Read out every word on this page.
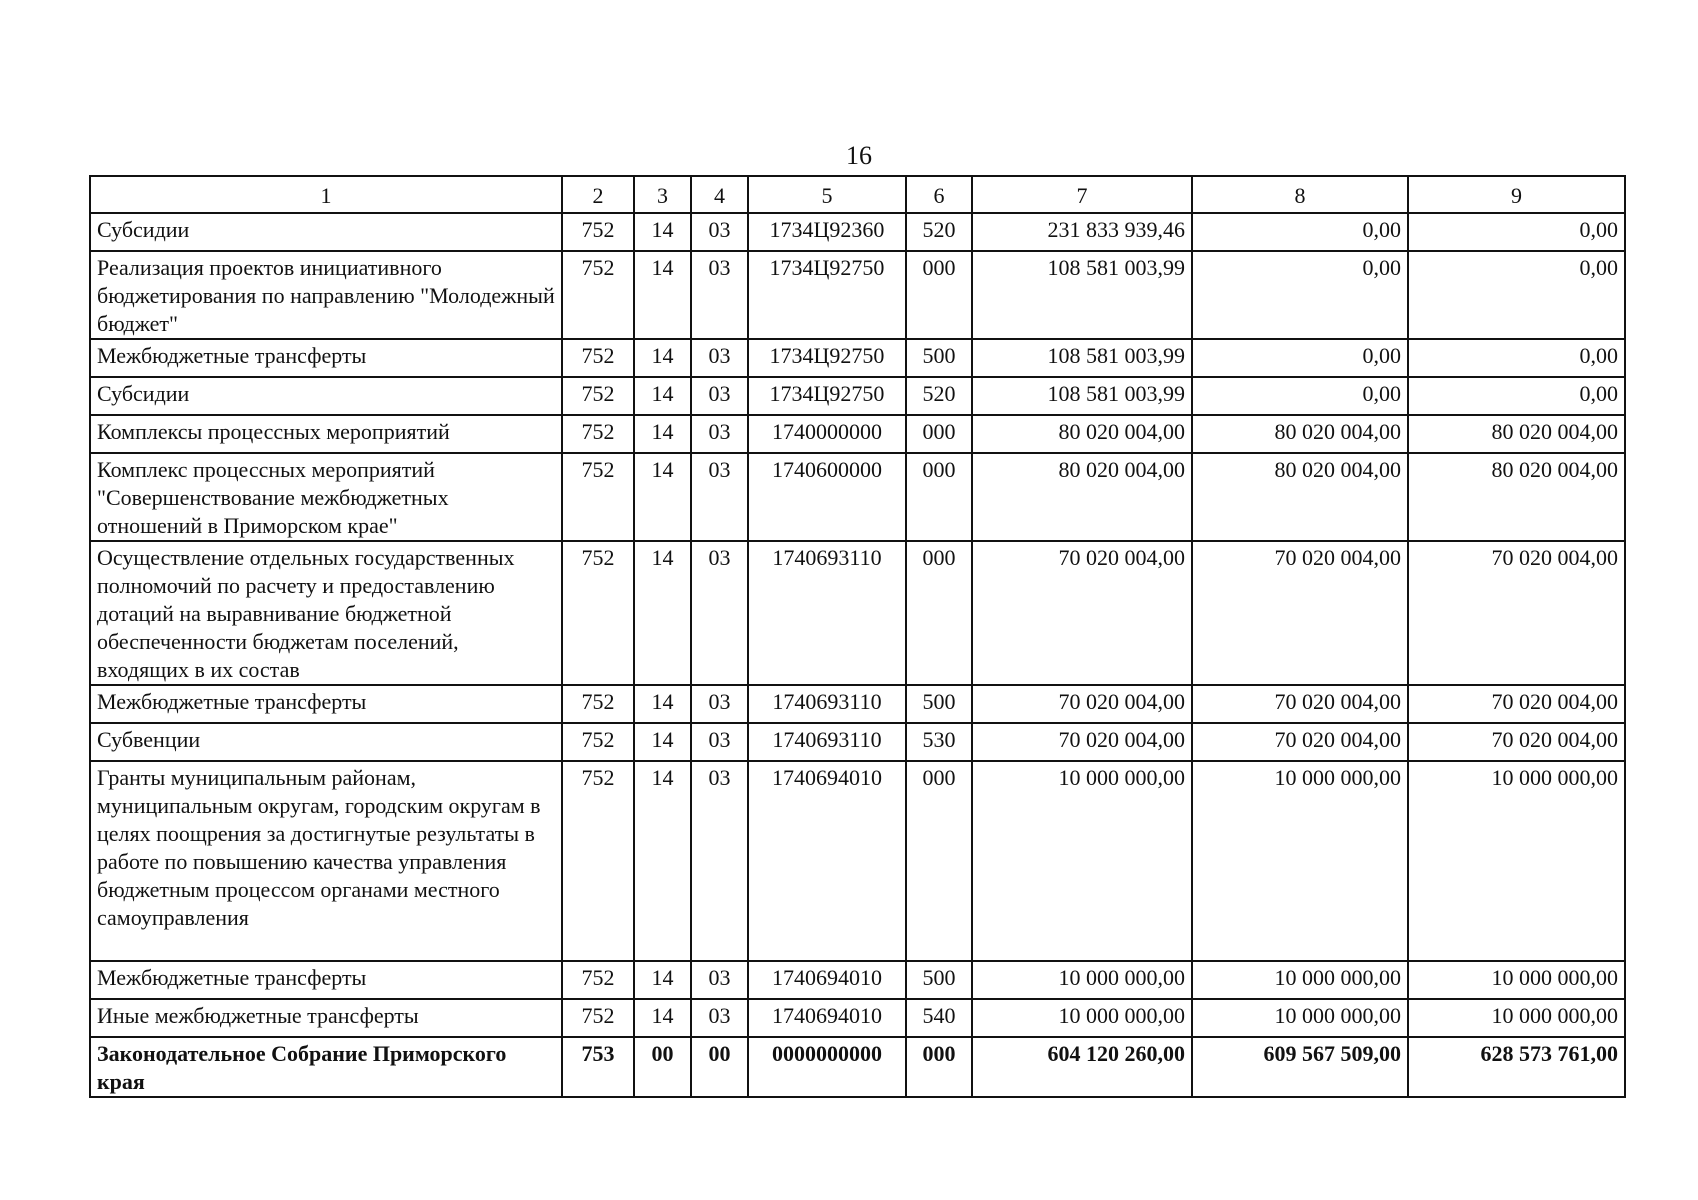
16
1	2	3	4	5	6	7	8	9
Субсидии	752	14	03	1734Ц92360	520	231 833 939,46	0,00	0,00
Реализация проектов инициативного бюджетирования по направлению "Молодежный бюджет"	752	14	03	1734Ц92750	000	108 581 003,99	0,00	0,00
Межбюджетные трансферты	752	14	03	1734Ц92750	500	108 581 003,99	0,00	0,00
Субсидии	752	14	03	1734Ц92750	520	108 581 003,99	0,00	0,00
Комплексы процессных мероприятий	752	14	03	1740000000	000	80 020 004,00	80 020 004,00	80 020 004,00
Комплекс процессных мероприятий "Совершенствование межбюджетных отношений в Приморском крае"	752	14	03	1740600000	000	80 020 004,00	80 020 004,00	80 020 004,00
Осуществление отдельных государственных полномочий по расчету и предоставлению дотаций на выравнивание бюджетной обеспеченности бюджетам поселений, входящих в их состав	752	14	03	1740693110	000	70 020 004,00	70 020 004,00	70 020 004,00
Межбюджетные трансферты	752	14	03	1740693110	500	70 020 004,00	70 020 004,00	70 020 004,00
Субвенции	752	14	03	1740693110	530	70 020 004,00	70 020 004,00	70 020 004,00
Гранты муниципальным районам, муниципальным округам, городским округам в целях поощрения за достигнутые результаты в работе по повышению качества управления бюджетным процессом органами местного самоуправления	752	14	03	1740694010	000	10 000 000,00	10 000 000,00	10 000 000,00
Межбюджетные трансферты	752	14	03	1740694010	500	10 000 000,00	10 000 000,00	10 000 000,00
Иные межбюджетные трансферты	752	14	03	1740694010	540	10 000 000,00	10 000 000,00	10 000 000,00
Законодательное Собрание Приморского края	753	00	00	0000000000	000	604 120 260,00	609 567 509,00	628 573 761,00
